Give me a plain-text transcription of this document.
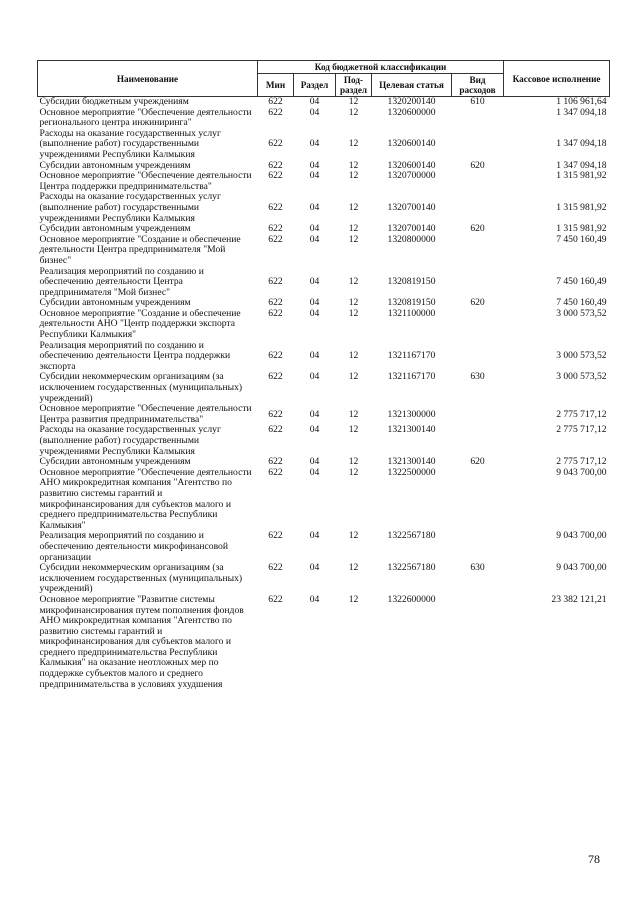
Наименование	Код бюджетной классификации					Кассовое исполнение
	Мин	Раздел	Под-раздел	Целевая статья	Вид расходов	
Субсидии бюджетным учреждениям	622	04	12	1320200140	610	1 106 961,64
Основное мероприятие "Обеспечение деятельности регионального центра инжиниринга"	622	04	12	1320600000		1 347 094,18
Расходы на оказание государственных услуг (выполнение работ) государственными учреждениями Республики Калмыкия	622	04	12	1320600140		1 347 094,18
Субсидии автономным учреждениям	622	04	12	1320600140	620	1 347 094,18
Основное мероприятие "Обеспечение деятельности Центра поддержки предпринимательства"	622	04	12	1320700000		1 315 981,92
Расходы на оказание государственных услуг (выполнение работ) государственными учреждениями Республики Калмыкия	622	04	12	1320700140		1 315 981,92
Субсидии автономным учреждениям	622	04	12	1320700140	620	1 315 981,92
Основное мероприятие "Создание и обеспечение деятельности Центра предпринимателя "Мой бизнес"	622	04	12	1320800000		7 450 160,49
Реализация мероприятий по созданию и обеспечению деятельности Центра предпринимателя "Мой бизнес"	622	04	12	1320819150		7 450 160,49
Субсидии автономным учреждениям	622	04	12	1320819150	620	7 450 160,49
Основное мероприятие "Создание и обеспечение деятельности АНО "Центр поддержки экспорта Республики Калмыкия"	622	04	12	1321100000		3 000 573,52
Реализация мероприятий по созданию и обеспечению деятельности Центра поддержки экспорта	622	04	12	1321167170		3 000 573,52
Субсидии некоммерческим организациям (за исключением государственных (муниципальных) учреждений)	622	04	12	1321167170	630	3 000 573,52
Основное мероприятие "Обеспечение деятельности Центра развития предпринимательства"	622	04	12	1321300000		2 775 717,12
Расходы на оказание государственных услуг (выполнение работ) государственными учреждениями Республики Калмыкия	622	04	12	1321300140		2 775 717,12
Субсидии автономным учреждениям	622	04	12	1321300140	620	2 775 717,12
Основное мероприятие "Обеспечение деятельности АНО микрокредитная компания "Агентство по развитию системы гарантий и микрофинансирования для субъектов малого и среднего предпринимательства Республики Калмыкия"	622	04	12	1322500000		9 043 700,00
Реализация мероприятий по созданию и обеспечению деятельности микрофинансовой организации	622	04	12	1322567180		9 043 700,00
Субсидии некоммерческим организациям (за исключением государственных (муниципальных) учреждений)	622	04	12	1322567180	630	9 043 700,00
Основное мероприятие "Развитие системы микрофинансирования путем пополнения фондов АНО микрокредитная компания "Агентство по развитию системы гарантий и микрофинансирования для субъектов малого и среднего предпринимательства Республики Калмыкия" на оказание неотложных мер по поддержке субъектов малого и среднего предпринимательства в условиях ухудшения	622	04	12	1322600000		23 382 121,21
78
